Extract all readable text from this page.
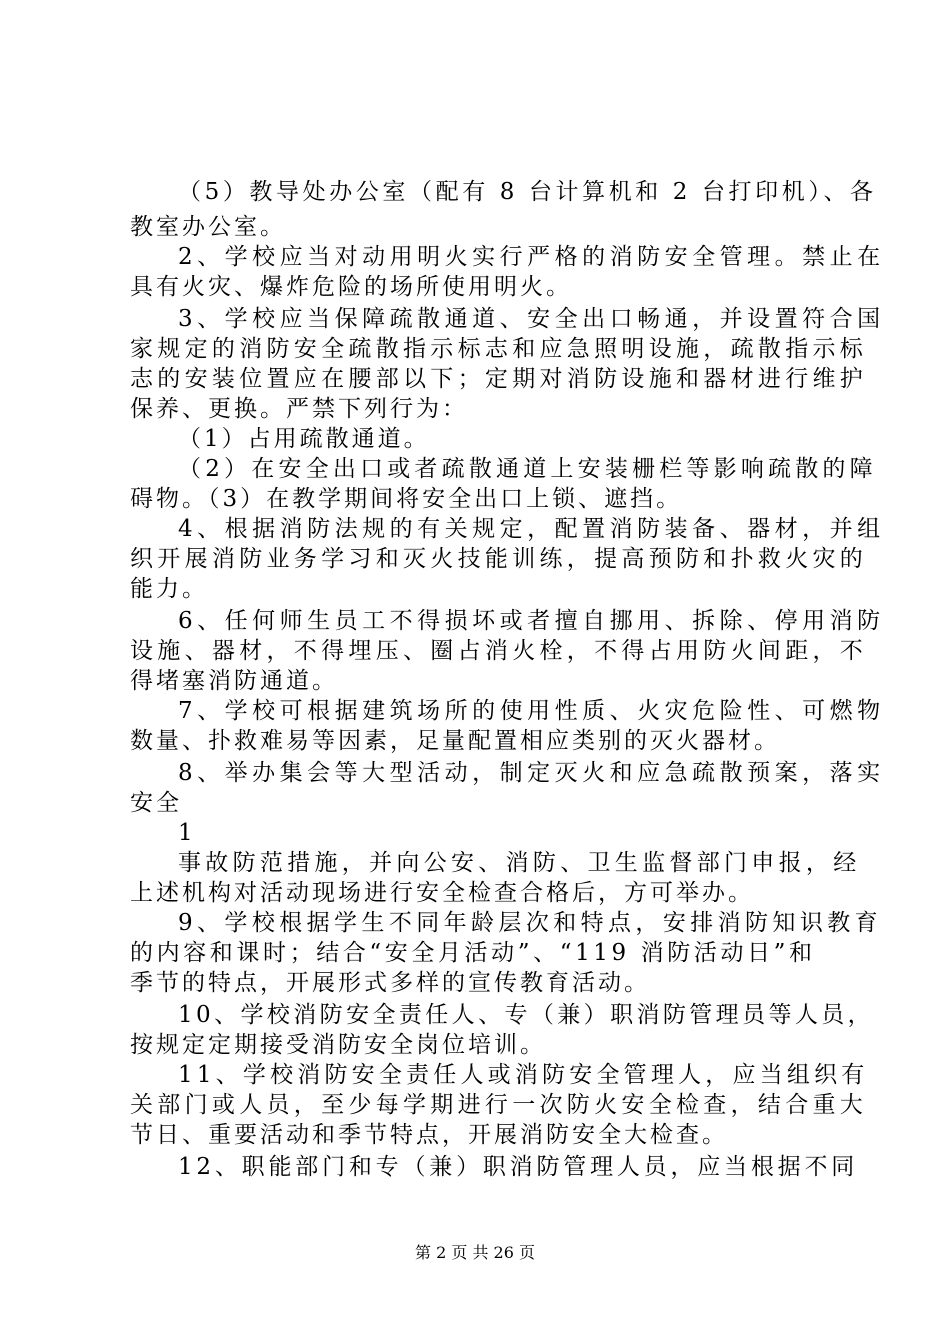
（5）教导处办公室（配有 8 台计算机和 2 台打印机）、各
教室办公室。
2、学校应当对动用明火实行严格的消防安全管理。禁止在
具有火灾、爆炸危险的场所使用明火。
3、学校应当保障疏散通道、安全出口畅通，并设置符合国
家规定的消防安全疏散指示标志和应急照明设施，疏散指示标
志的安装位置应在腰部以下；定期对消防设施和器材进行维护
保养、更换。严禁下列行为：
（1）占用疏散通道。
（2）在安全出口或者疏散通道上安装栅栏等影响疏散的障
碍物。（3）在教学期间将安全出口上锁、遮挡。
4、根据消防法规的有关规定，配置消防装备、器材，并组
织开展消防业务学习和灭火技能训练，提高预防和扑救火灾的
能力。
6、任何师生员工不得损坏或者擅自挪用、拆除、停用消防
设施、器材，不得埋压、圈占消火栓，不得占用防火间距，不
得堵塞消防通道。
7、学校可根据建筑场所的使用性质、火灾危险性、可燃物
数量、扑救难易等因素，足量配置相应类别的灭火器材。
8、举办集会等大型活动，制定灭火和应急疏散预案，落实
安全
1
事故防范措施，并向公安、消防、卫生监督部门申报，经
上述机构对活动现场进行安全检查合格后，方可举办。
9、学校根据学生不同年龄层次和特点，安排消防知识教育
的内容和课时；结合“安全月活动”、“119 消防活动日”和
季节的特点，开展形式多样的宣传教育活动。
10、学校消防安全责任人、专（兼）职消防管理员等人员，
按规定定期接受消防安全岗位培训。
11、学校消防安全责任人或消防安全管理人，应当组织有
关部门或人员，至少每学期进行一次防火安全检查，结合重大
节日、重要活动和季节特点，开展消防安全大检查。
12、职能部门和专（兼）职消防管理人员，应当根据不同
第 2 页 共 26 页
